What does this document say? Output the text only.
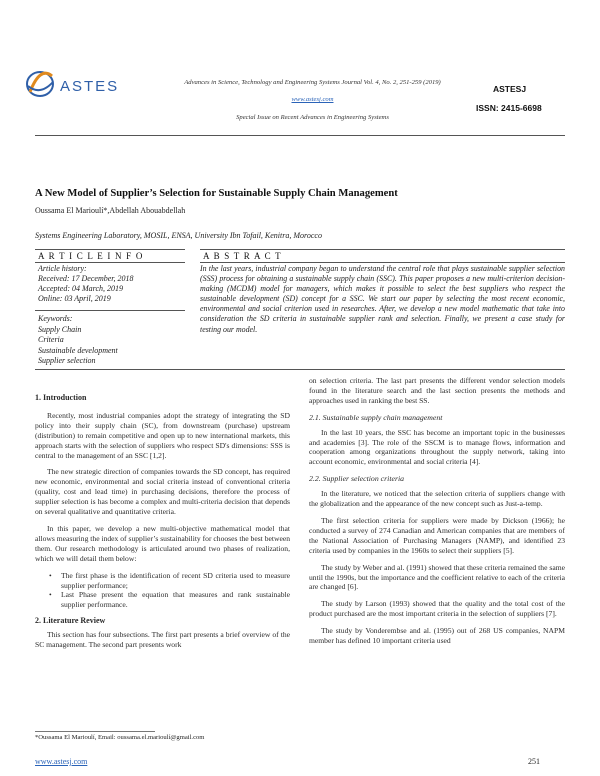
ASTES	Advances in Science, Technology and Engineering Systems Journal Vol. 4, No. 2, 251-259 (2019)
www.astesj.com
Special Issue on Recent Advances in Engineering Systems
ASTESJ
ISSN: 2415-6698
A New Model of Supplier’s Selection for Sustainable Supply Chain Management
Oussama El Marioulí*,Abdellah Abouabdellah
Systems Engineering Laboratory, MOSIL, ENSA, University Ibn Tofail, Kenitra, Morocco
A R T I C L E I N F O	A B S T R A C T
Article history:
Received: 17 December, 2018
Accepted: 04 March, 2019
Online: 03 April, 2019
Keywords:
Supply Chain
Criteria
Sustainable development
Supplier selection
In the last years, industrial company began to understand the central role that plays sustainable supplier selection (SSS) process for obtaining a sustainable supply chain (SSC). This paper proposes a new multi-criterion decision-making (MCDM) model for managers, which makes it possible to select the best suppliers who respect the sustainable development (SD) concept for a SSC. We start our paper by selecting the most recent economic, environmental and social criterion used in researches. After, we develop a new model mathematic that take into consideration the SD criteria in sustainable supplier rank and selection. Finally, we present a case study for testing our model.
1. Introduction

Recently, most industrial companies adopt the strategy of integrating the SD policy into their supply chain (SC), from downstream (purchase) upstream (distribution) to remain competitive and open up to new international markets, this approach starts with the selection of suppliers who respect SD's dimensions: SSS is central to the management of an SSC [1,2].

The new strategic direction of companies towards the SD concept, has required new economic, environmental and social criteria instead of conventional criteria (quality, cost and lead time) in purchasing decisions, therefore the process of supplier selection is has become a complex and multi-criteria decision that depends on several qualitative and quantitative criteria.

In this paper, we develop a new multi-objective mathematical model that allows measuring the index of supplier’s sustainability for chooses the best between them. Our research methodology is articulated around two phases of realization, which we will detail them below:

• The first phase is the identification of recent SD criteria used to measure supplier performance;
• Last Phase present the equation that measures and rank sustainable supplier performance.
2. Literature Review

This section has four subsections. The first part presents a brief overview of the SC management. The second part presents work

*Oussama El Marioulí, Email: oussama.el.marioulí@gmail.com

on selection criteria. The last part presents the different vendor selection models found in the literature search and the last section presents the methods and approaches used in ranking the best SS.

2.1. Sustainable supply chain management

In the last 10 years, the SSC has become an important topic in the businesses and academies [3]. The role of the SSCM is to manage flows, information and cooperation among organizations throughout the supply network, taking into account economic, environmental and social criteria [4].

2.2. Supplier selection criteria

In the literature, we noticed that the selection criteria of suppliers change with the globalization and the appearance of the new concept such as Just-a-temp.

The first selection criteria for suppliers were made by Dickson (1966); he conducted a survey of 274 Canadian and American companies that are members of the National Association of Purchasing Managers (NAMP), and identified 23 criteria used by companies in the 1960s to select their suppliers [5].

The study by Weber and al. (1991) showed that these criteria remained the same until the 1990s, but the importance and the coefficient relative to each of the criteria are changed [6].

The study by Larson (1993) showed that the quality and the total cost of the product purchased are the most important criteria in the selection of suppliers [7].

The study by Vonderembse and al. (1995) out of 268 US companies, NAPM member has defined 10 important criteria used

www.astesj.com	251
